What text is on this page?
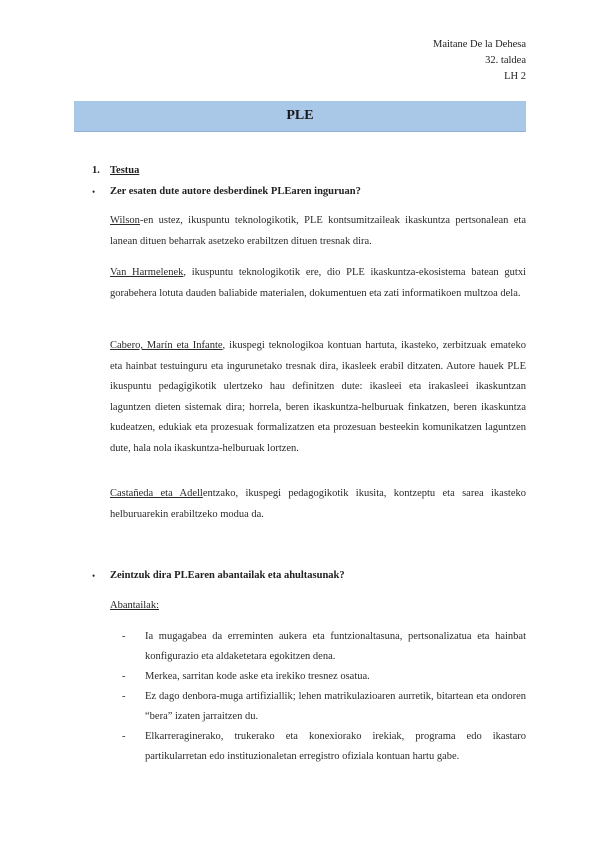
Maitane De la Dehesa
32. taldea
LH 2
PLE
1. Testua
•	Zer esaten dute autore desberdinek PLEaren inguruan?
Wilson-en ustez, ikuspuntu teknologikotik, PLE kontsumitzaileak ikaskuntza pertsonalean eta lanean dituen beharrak asetzeko erabiltzen dituen tresnak dira.
Van Harmelenek, ikuspuntu teknologikotik ere, dio PLE ikaskuntza-ekosistema batean gutxi gorabehera lotuta dauden baliabide materialen, dokumentuen eta zati informatikoen multzoa dela.
Cabero, Marín eta Infante, ikuspegi teknologikoa kontuan hartuta, ikasteko, zerbitzuak emateko eta hainbat testuinguru eta ingurunetako tresnak dira, ikasleek erabil ditzaten. Autore hauek PLE ikuspuntu pedagigikotik ulertzeko hau definitzen dute: ikasleei eta irakasleei ikaskuntzan laguntzen dieten sistemak dira; horrela, beren ikaskuntza-helburuak finkatzen, beren ikaskuntza kudeatzen, edukiak eta prozesuak formalizatzen eta prozesuan besteekin komunikatzen laguntzen dute, hala nola ikaskuntza-helburuak lortzen.
Castañeda eta Adellentzako, ikuspegi pedagogikotik ikusita, kontzeptu eta sarea ikasteko helburuarekin erabiltzeko modua da.
•	Zeintzuk dira PLEaren abantailak eta ahultasunak?
Abantailak:
- Ia mugagabea da erreminten aukera eta funtzionaltasuna, pertsonalizatua eta hainbat konfigurazio eta aldaketetara egokitzen dena.
- Merkea, sarritan kode aske eta irekiko tresnez osatua.
- Ez dago denbora-muga artifiziallik; lehen matrikulazioaren aurretik, bitartean eta ondoren “bera” izaten jarraitzen du.
- Elkarreraginerako, trukerako eta konexiorako irekiak, programa edo ikastaro partikularretan edo instituzionaletan erregistro ofiziala kontuan hartu gabe.
